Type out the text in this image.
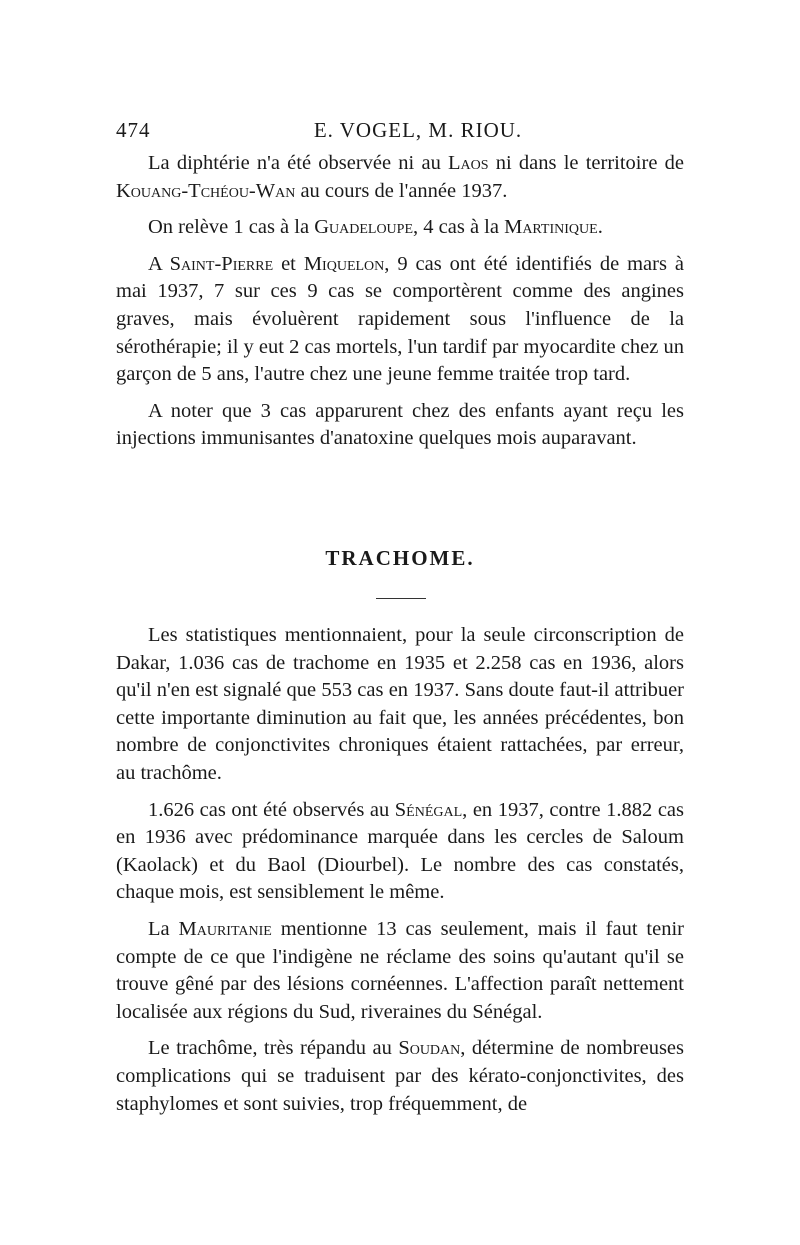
474	E. VOGEL, M. RIOU.

La diphtérie n'a été observée ni au Laos ni dans le territoire de Kouang-Tchéou-Wan au cours de l'année 1937.

On relève 1 cas à la Guadeloupe, 4 cas à la Martinique.

A Saint-Pierre et Miquelon, 9 cas ont été identifiés de mars à mai 1937, 7 sur ces 9 cas se comportèrent comme des angines graves, mais évoluèrent rapidement sous l'influence de la sérothérapie; il y eut 2 cas mortels, l'un tardif par myocardite chez un garçon de 5 ans, l'autre chez une jeune femme traitée trop tard.

A noter que 3 cas apparurent chez des enfants ayant reçu les injections immunisantes d'anatoxine quelques mois auparavant.

TRACHOME.

Les statistiques mentionnaient, pour la seule circonscription de Dakar, 1.036 cas de trachome en 1935 et 2.258 cas en 1936, alors qu'il n'en est signalé que 553 cas en 1937. Sans doute faut-il attribuer cette importante diminution au fait que, les années précédentes, bon nombre de conjonctivites chroniques étaient rattachées, par erreur, au trachôme.

1.626 cas ont été observés au Sénégal, en 1937, contre 1.882 cas en 1936 avec prédominance marquée dans les cercles de Saloum (Kaolack) et du Baol (Diourbel). Le nombre des cas constatés, chaque mois, est sensiblement le même.

La Mauritanie mentionne 13 cas seulement, mais il faut tenir compte de ce que l'indigène ne réclame des soins qu'autant qu'il se trouve gêné par des lésions cornéennes. L'affection paraît nettement localisée aux régions du Sud, riveraines du Sénégal.

Le trachôme, très répandu au Soudan, détermine de nombreuses complications qui se traduisent par des kérato-conjonctivites, des staphylomes et sont suivies, trop fréquemment, de
